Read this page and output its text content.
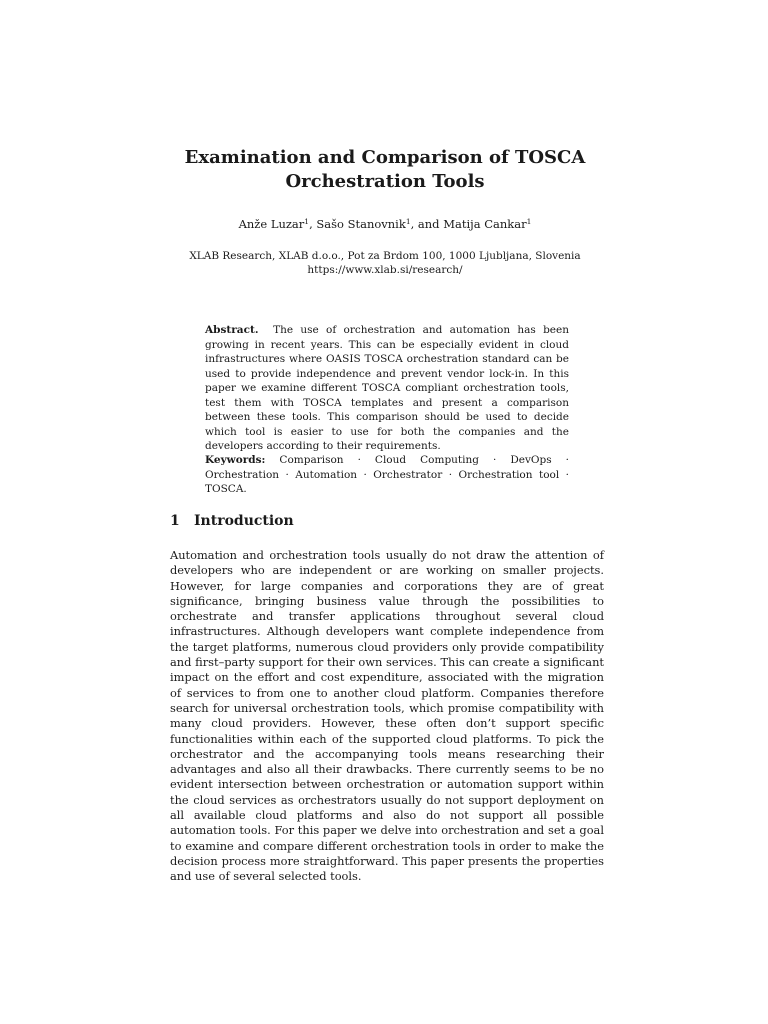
Examination and Comparison of TOSCA
Orchestration Tools
Anže Luzar$^1$, Sašo Stanovnik$^1$, and Matija Cankar$^1$
XLAB Research, XLAB d.o.o., Pot za Brdom 100, 1000 Ljubljana, Slovenia
https://www.xlab.si/research/
Abstract. The use of orchestration and automation has been growing in recent years. This can be especially evident in cloud infrastructures where OASIS TOSCA orchestration standard can be used to provide independence and prevent vendor lock-in. In this paper we examine different TOSCA compliant orchestration tools, test them with TOSCA templates and present a comparison between these tools. This comparison should be used to decide which tool is easier to use for both the companies and the developers according to their requirements.
Keywords: Comparison · Cloud Computing · DevOps · Orchestration · Automation · Orchestrator · Orchestration tool · TOSCA.
1 Introduction
Automation and orchestration tools usually do not draw the attention of developers who are independent or are working on smaller projects. However, for large companies and corporations they are of great significance, bringing business value through the possibilities to orchestrate and transfer applications throughout several cloud infrastructures. Although developers want complete independence from the target platforms, numerous cloud providers only provide compatibility and first–party support for their own services. This can create a significant impact on the effort and cost expenditure, associated with the migration of services to from one to another cloud platform. Companies therefore search for universal orchestration tools, which promise compatibility with many cloud providers. However, these often don’t support specific functionalities within each of the supported cloud platforms. To pick the orchestrator and the accompanying tools means researching their advantages and also all their drawbacks. There currently seems to be no evident intersection between orchestration or automation support within the cloud services as orchestrators usually do not support deployment on all available cloud platforms and also do not support all possible automation tools. For this paper we delve into orchestration and set a goal to examine and compare different orchestration tools in order to make the decision process more straightforward. This paper presents the properties and use of several selected tools.
